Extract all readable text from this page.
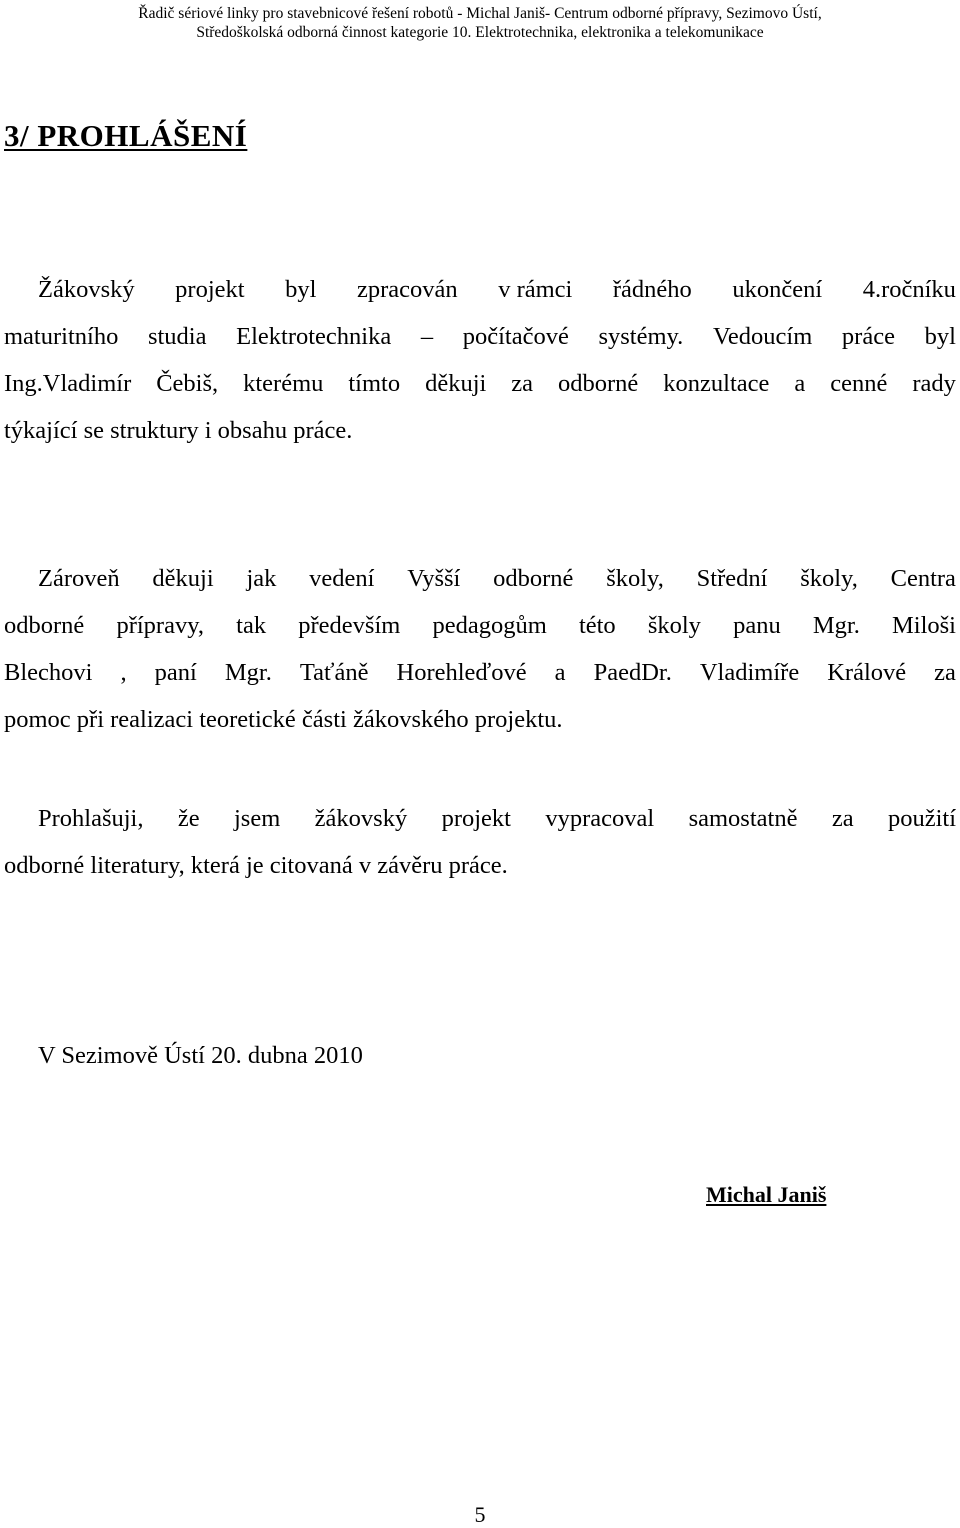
Řadič sériové linky pro stavebnicové řešení robotů - Michal Janiš- Centrum odborné přípravy, Sezimovo Ústí,
Středoškolská odborná činnost kategorie 10. Elektrotechnika, elektronika a telekomunikace
3/ PROHLÁŠENÍ
Žákovský projekt byl zpracován v rámci řádného ukončení 4.ročníku
maturitního studia Elektrotechnika – počítačové systémy. Vedoucím práce byl
Ing.Vladimír Čebiš, kterému tímto děkuji za odborné konzultace a cenné rady
týkající se struktury i obsahu práce.
Zároveň děkuji jak vedení Vyšší odborné školy, Střední školy, Centra
odborné přípravy, tak především pedagogům této školy panu Mgr. Miloši
Blechovi , paní Mgr. Taťáně Horehleďové a PaedDr. Vladimíře Králové za
pomoc při realizaci teoretické části žákovského projektu.
Prohlašuji, že jsem žákovský projekt vypracoval samostatně za použití
odborné literatury, která je citovaná v závěru práce.
V Sezimově Ústí 20. dubna 2010
Michal Janiš
5
